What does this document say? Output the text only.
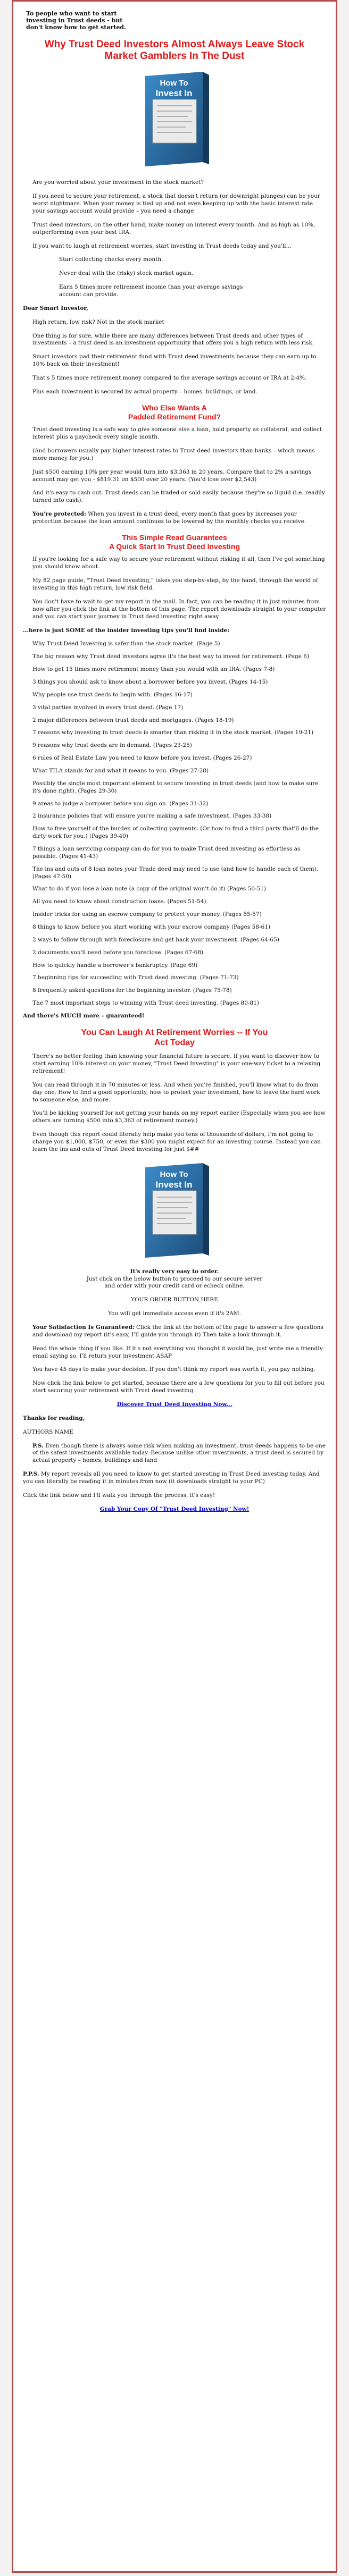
To people who want to start
investing in Trust deeds - but
don't know how to get started.
Why Trust Deed Investors Almost Always Leave Stock Market Gamblers In The Dust
How To
Invest In

Are you worried about your investment in the stock market?

If you need to secure your retirement, a stock that doesn't return (or downright plunges) can be your worst nightmare. When your money is tied up and not even keeping up with the basic interest rate your savings account would provide – you need a change

Trust deed investors, on the other hand, make money on interest every month. And as high as 10%, outperforming even your best IRA.

If you want to laugh at retirement worries, start investing in Trust deeds today and you'll...

Start collecting checks every month.

Never deal with the (risky) stock market again.

Earn 5 times more retirement income than your average savings account can provide.

Dear Smart Investor,

High return, low risk? Not in the stock market

One thing is for sure, while there are many differences between Trust deeds and other types of investments – a trust deed is an investment opportunity that offers you a high return with less risk.

Smart investors pad their retirement fund with Trust deed investments because they can earn up to 10% back on their investment!

That's 5 times more retirement money compared to the average savings account or IRA at 2-4%.

Plus each investment is secured by actual property – homes, buildings, or land.

Who Else Wants A
Padded Retirement Fund?

Trust deed investing is a safe way to give someone else a loan, hold property as collateral, and collect interest plus a paycheck every single month.

(And borrowers usually pay higher interest rates to Trust deed investors than banks – which means more money for you.)

Just $500 earning 10% per year would turn into $3,363 in 20 years. Compare that to 2% a savings account may get you - $819.31 on $500 over 20 years. (You'd lose over $2,543)

And it's easy to cash out. Trust deeds can be traded or sold easily because they're so liquid (i.e. readily turned into cash).

You're protected: When you invest in a trust deed, every month that goes by increases your protection because the loan amount continues to be lowered by the monthly checks you receive.

This Simple Read Guarantees
A Quick Start In Trust Deed Investing

If you're looking for a safe way to secure your retirement without risking it all, then I've got something you should know about.

My 82 page guide, "Trust Deed Investing," takes you step-by-step, by the hand, through the world of investing in this high return, low risk field.

You don't have to wait to get my report in the mail. In fact, you can be reading it in just minutes from now after you click the link at the bottom of this page. The report downloads straight to your computer and you can start your journey in Trust deed investing right away.

...here is just SOME of the insider investing tips you'll find inside:

Why Trust Deed Investing is safer than the stock market. (Page 5)

The big reason why Trust deed investors agree it's the best way to invest for retirement. (Page 6)

How to get 15 times more retirement money than you would with an IRA. (Pages 7-8)

3 things you should ask to know about a borrower before you invest. (Pages 14-15)

Why people use trust deeds to begin with. (Pages 16-17)

3 vital parties involved in every trust deed. (Page 17)

2 major differences between trust deeds and mortgages. (Pages 18-19)

7 reasons why investing in trust deeds is smarter than risking it in the stock market. (Pages 19-21)

9 reasons why trust deeds are in demand. (Pages 23-25)

6 rules of Real Estate Law you need to know before you invest. (Pages 26-27)

What TILA stands for and what it means to you. (Pages 27-28)

Possibly the single most important element to secure investing in trust deeds (and how to make sure it's done right). (Pages 29-30)

9 areas to judge a borrower before you sign on. (Pages 31-32)

2 insurance policies that will ensure you're making a safe investment. (Pages 33-38)

How to free yourself of the burden of collecting payments. (Or how to find a third party that'll do the dirty work for you.) (Pages 39-40)

7 things a loan servicing company can do for you to make Trust deed investing as effortless as possible. (Pages 41-43)

The ins and outs of 8 loan notes your Trade deed may need to use (and how to handle each of them). (Pages 47-50)

What to do if you lose a loan note (a copy of the original won't do it) (Pages 50-51)

All you need to know about construction loans. (Pages 51-54)

Insider tricks for using an escrow company to protect your money. (Pages 55-57)

8 things to know before you start working with your escrow company (Pages 58-61)

2 ways to follow through with foreclosure and get back your investment. (Pages 64-65)

2 documents you'll need before you foreclose. (Pages 67-68)

How to quickly handle a borrower's bankruptcy. (Page 69)

7 beginning tips for succeeding with Trust deed investing. (Pages 71-73)

8 frequently asked questions for the beginning investor. (Pages 75-78)

The 7 most important steps to winning with Trust deed investing. (Pages 80-81)

And there's MUCH more – guaranteed!

You Can Laugh At Retirement Worries -- If You
Act Today

There's no better feeling than knowing your financial future is secure. If you want to discover how to start earning 10% interest on your money, "Trust Deed Investing" is your one-way ticket to a relaxing retirement!

You can read through it in 70 minutes or less. And when you're finished, you'll know what to do from day one. How to find a good opportunity, how to protect your investment, how to leave the hard work to someone else, and more.

You'll be kicking yourself for not getting your hands on my report earlier (Especially when you see how others are turning $500 into $3,363 of retirement money.)

Even though this report could literally help make you tens of thousands of dollars, I'm not going to charge you $1,000, $750, or even the $300 you might expect for an investing course. Instead you can learn the ins and outs of Trust Deed investing for just $##

How To
Invest In

It's really very easy to order.

Just click on the below button to proceed to our secure server

and order with your credit card or echeck online.

YOUR ORDER BUTTON HERE

You will get immediate access even if it's 2AM.

Your Satisfaction Is Guaranteed: Click the link at the bottom of the page to answer a few questions and download my report (it's easy, I'll guide you through it) Then take a look through it.

Read the whole thing if you like. If it's not everything you thought it would be, just write me a friendly email saying so. I'll return your investment ASAP

You have 45 days to make your decision. If you don't think my report was worth it, you pay nothing.

Now click the link below to get started, because there are a few questions for you to fill out before you start securing your retirement with Trust deed investing.

Discover Trust Deed Investing Now...

Thanks for reading,

AUTHORS NAME

P.S. Even though there is always some risk when making an investment, trust deeds happens to be one of the safest investments available today. Because unlike other investments, a trust deed is secured by actual property – homes, buildings and land

P.P.S. My report reveals all you need to know to get started investing in Trust Deed investing today. And you can literally be reading it in minutes from now (it downloads straight to your PC)

Click the link below and I'll walk you through the process, it's easy!

Grab Your Copy Of "Trust Deed Investing" Now!
